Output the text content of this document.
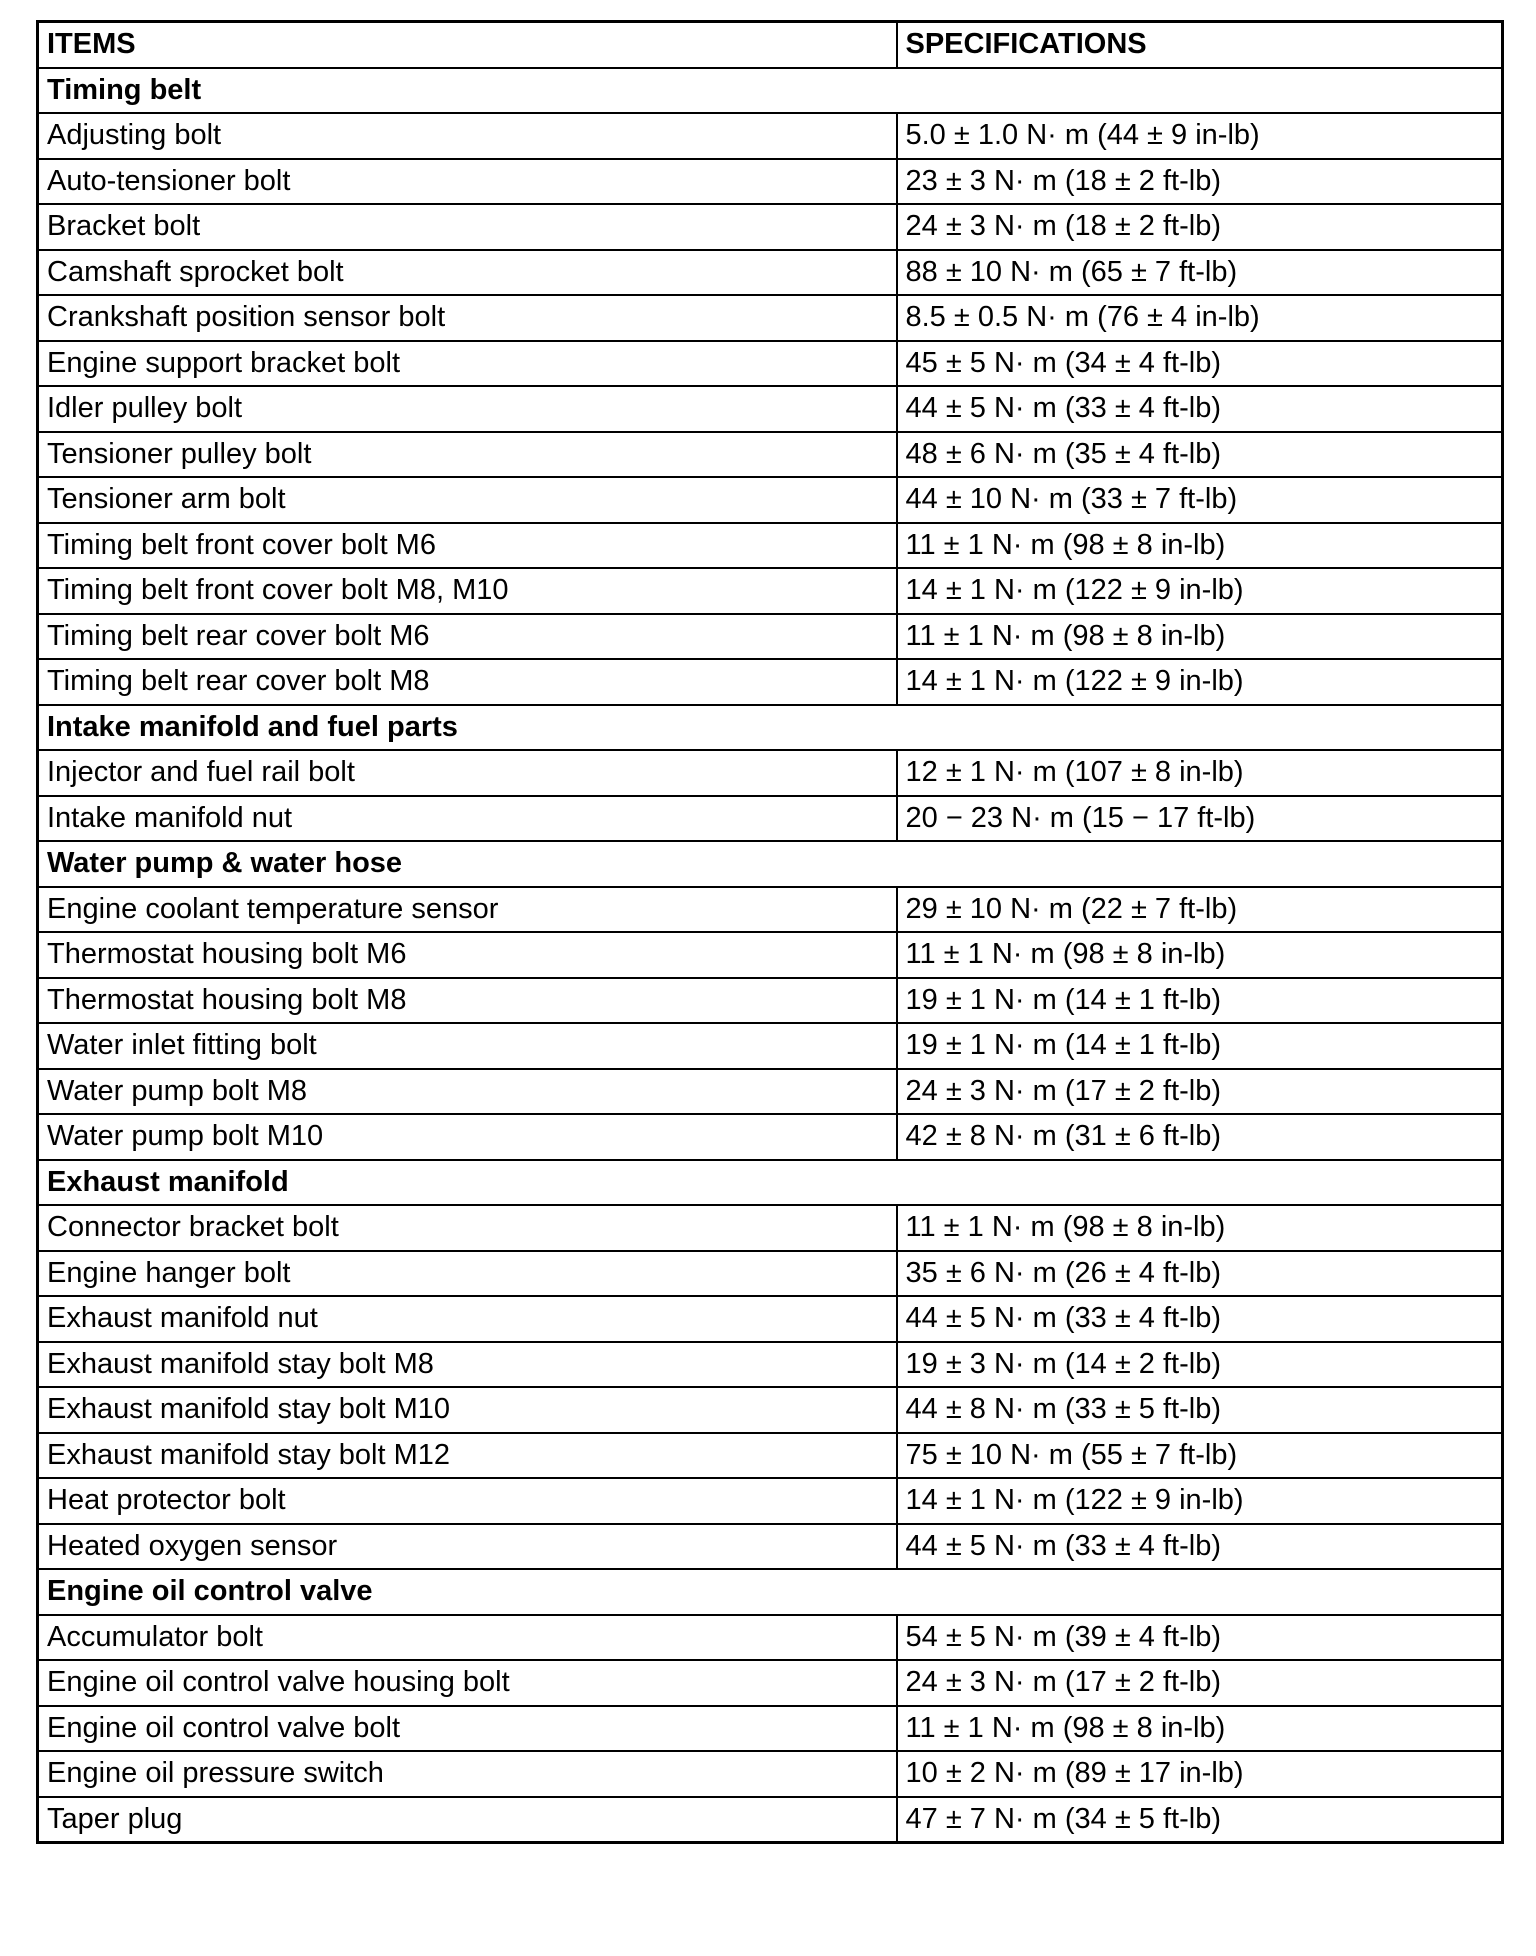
ITEMS	SPECIFICATIONS
Timing belt	
Adjusting bolt	5.0 ± 1.0 N· m (44 ± 9 in-lb)
Auto-tensioner bolt	23 ± 3 N· m (18 ± 2 ft-lb)
Bracket bolt	24 ± 3 N· m (18 ± 2 ft-lb)
Camshaft sprocket bolt	88 ± 10 N· m (65 ± 7 ft-lb)
Crankshaft position sensor bolt	8.5 ± 0.5 N· m (76 ± 4 in-lb)
Engine support bracket bolt	45 ± 5 N· m (34 ± 4 ft-lb)
Idler pulley bolt	44 ± 5 N· m (33 ± 4 ft-lb)
Tensioner pulley bolt	48 ± 6 N· m (35 ± 4 ft-lb)
Tensioner arm bolt	44 ± 10 N· m (33 ± 7 ft-lb)
Timing belt front cover bolt M6	11 ± 1 N· m (98 ± 8 in-lb)
Timing belt front cover bolt M8, M10	14 ± 1 N· m (122 ± 9 in-lb)
Timing belt rear cover bolt M6	11 ± 1 N· m (98 ± 8 in-lb)
Timing belt rear cover bolt M8	14 ± 1 N· m (122 ± 9 in-lb)
Intake manifold and fuel parts	
Injector and fuel rail bolt	12 ± 1 N· m (107 ± 8 in-lb)
Intake manifold nut	20 − 23 N· m (15 − 17 ft-lb)
Water pump & water hose	
Engine coolant temperature sensor	29 ± 10 N· m (22 ± 7 ft-lb)
Thermostat housing bolt M6	11 ± 1 N· m (98 ± 8 in-lb)
Thermostat housing bolt M8	19 ± 1 N· m (14 ± 1 ft-lb)
Water inlet fitting bolt	19 ± 1 N· m (14 ± 1 ft-lb)
Water pump bolt M8	24 ± 3 N· m (17 ± 2 ft-lb)
Water pump bolt M10	42 ± 8 N· m (31 ± 6 ft-lb)
Exhaust manifold	
Connector bracket bolt	11 ± 1 N· m (98 ± 8 in-lb)
Engine hanger bolt	35 ± 6 N· m (26 ± 4 ft-lb)
Exhaust manifold nut	44 ± 5 N· m (33 ± 4 ft-lb)
Exhaust manifold stay bolt M8	19 ± 3 N· m (14 ± 2 ft-lb)
Exhaust manifold stay bolt M10	44 ± 8 N· m (33 ± 5 ft-lb)
Exhaust manifold stay bolt M12	75 ± 10 N· m (55 ± 7 ft-lb)
Heat protector bolt	14 ± 1 N· m (122 ± 9 in-lb)
Heated oxygen sensor	44 ± 5 N· m (33 ± 4 ft-lb)
Engine oil control valve	
Accumulator bolt	54 ± 5 N· m (39 ± 4 ft-lb)
Engine oil control valve housing bolt	24 ± 3 N· m (17 ± 2 ft-lb)
Engine oil control valve bolt	11 ± 1 N· m (98 ± 8 in-lb)
Engine oil pressure switch	10 ± 2 N· m (89 ± 17 in-lb)
Taper plug	47 ± 7 N· m (34 ± 5 ft-lb)
